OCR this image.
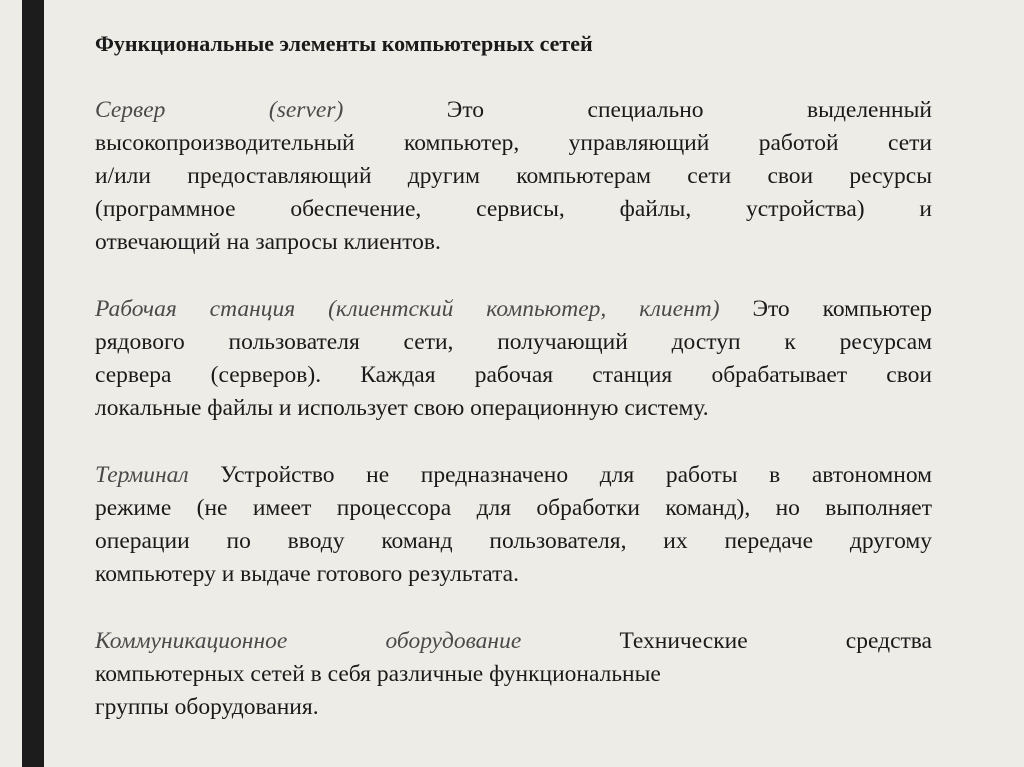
Функциональные элементы компьютерных сетей
Сервер (server) Это специально выделенный
высокопроизводительный компьютер, управляющий работой сети
и/или предоставляющий другим компьютерам сети свои ресурсы
(программное обеспечение, сервисы, файлы, устройства) и
отвечающий на запросы клиентов.
Рабочая станция (клиентский компьютер, клиент) Это компьютер
рядового пользователя сети, получающий доступ к ресурсам
сервера (серверов). Каждая рабочая станция обрабатывает свои
локальные файлы и использует свою операционную систему.
Терминал Устройство не предназначено для работы в автономном
режиме (не имеет процессора для обработки команд), но выполняет
операции по вводу команд пользователя, их передаче другому
компьютеру и выдаче готового результата.
Коммуникационное оборудование Технические средства
компьютерных сетей в себя различные функциональные
группы оборудования.
